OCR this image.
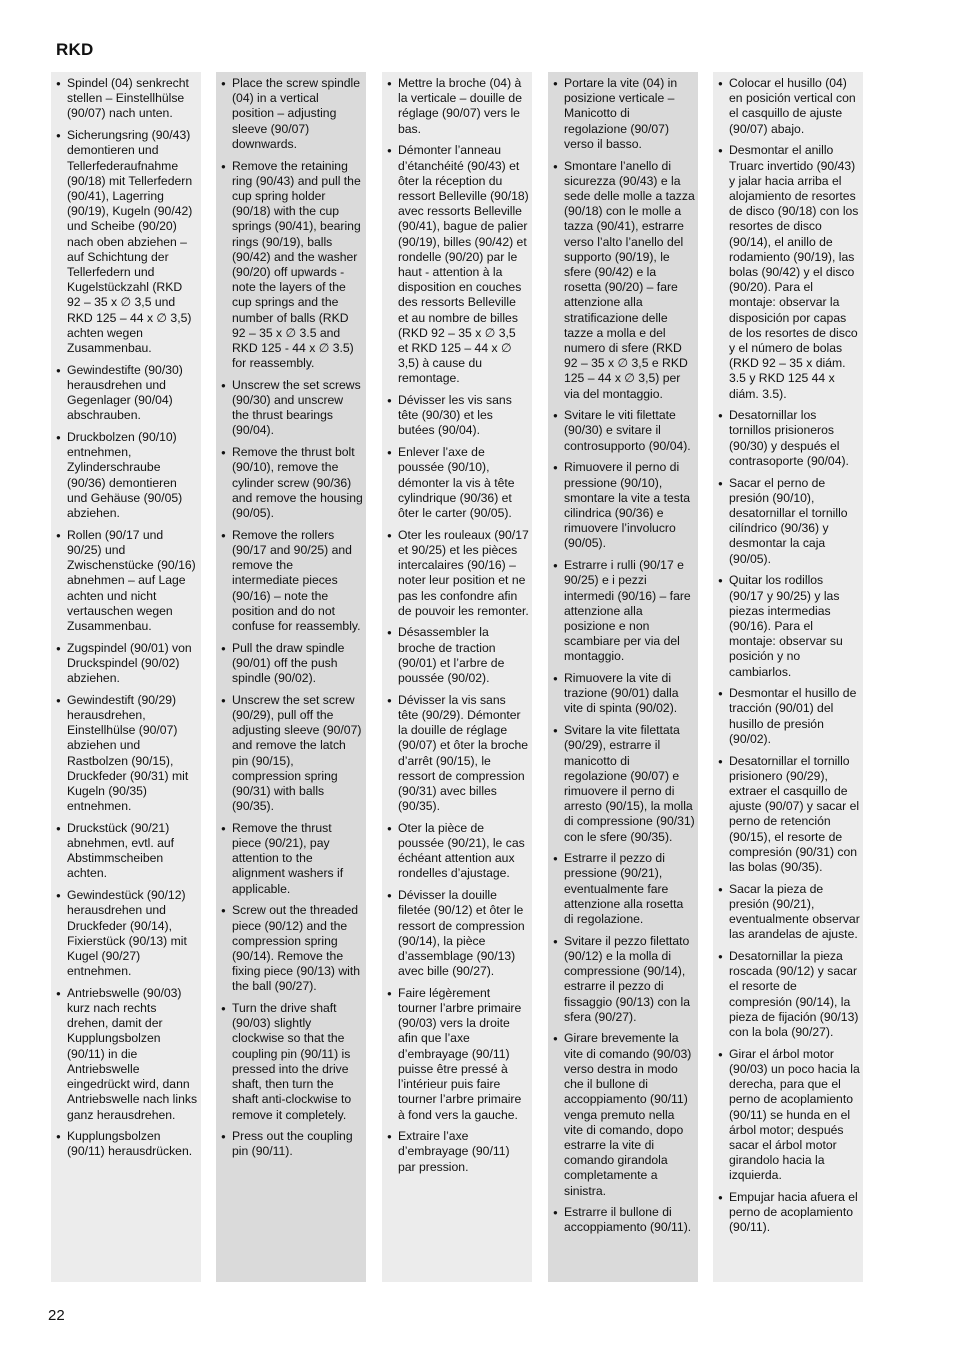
RKD
● Spindel (04) senkrecht stellen – Einstellhülse (90/07) nach unten.
● Sicherungsring (90/43) demontieren und Tellerfederaufnahme (90/18) mit Tellerfedern (90/41), Lagerring (90/19), Kugeln (90/42) und Scheibe (90/20) nach oben abziehen – auf Schichtung der Tellerfedern und Kugelstückzahl (RKD 92 – 35 x ∅ 3,5 und RKD 125 – 44 x ∅ 3,5) achten wegen Zusammenbau.
● Gewindestifte (90/30) herausdrehen und Gegenlager (90/04) abschrauben.
● Druckbolzen (90/10) entnehmen, Zylinderschraube (90/36) demontieren und Gehäuse (90/05) abziehen.
● Rollen (90/17 und 90/25) und Zwischenstücke (90/16) abnehmen – auf Lage achten und nicht vertauschen wegen Zusammenbau.
● Zugspindel (90/01) von Druckspindel (90/02) abziehen.
● Gewindestift (90/29) herausdrehen, Einstellhülse (90/07) abziehen und Rastbolzen (90/15), Druckfeder (90/31) mit Kugeln (90/35) entnehmen.
● Druckstück (90/21) abnehmen, evtl. auf Abstimmscheiben achten.
● Gewindestück (90/12) herausdrehen und Druckfeder (90/14), Fixierstück (90/13) mit Kugel (90/27) entnehmen.
● Antriebswelle (90/03) kurz nach rechts drehen, damit der Kupplungsbolzen (90/11) in die Antriebswelle eingedrückt wird, dann Antriebswelle nach links ganz herausdrehen.
● Kupplungsbolzen (90/11) herausdrücken.
● Place the screw spindle (04) in a vertical position – adjusting sleeve (90/07) downwards.
● Remove the retaining ring (90/43) and pull the cup spring holder (90/18) with the cup springs (90/41), bearing rings (90/19), balls (90/42) and the washer (90/20) off upwards - note the layers of the cup springs and the number of balls (RKD 92 – 35 x ∅ 3.5 and RKD 125 - 44 x ∅ 3.5) for reassembly.
● Unscrew the set screws (90/30) and unscrew the thrust bearings (90/04).
● Remove the thrust bolt (90/10), remove the cylinder screw (90/36) and remove the housing (90/05).
● Remove the rollers (90/17 and 90/25) and remove the intermediate pieces (90/16) – note the position and do not confuse for reassembly.
● Pull the draw spindle (90/01) off the push spindle (90/02).
● Unscrew the set screw (90/29), pull off the adjusting sleeve (90/07) and remove the latch pin (90/15), compression spring (90/31) with balls (90/35).
● Remove the thrust piece (90/21), pay attention to the alignment washers if applicable.
● Screw out the threaded piece (90/12) and the compression spring (90/14). Remove the fixing piece (90/13) with the ball (90/27).
● Turn the drive shaft (90/03) slightly clockwise so that the coupling pin (90/11) is pressed into the drive shaft, then turn the shaft anti-clockwise to remove it completely.
● Press out the coupling pin (90/11).
● Mettre la broche (04) à la verticale – douille de réglage (90/07) vers le bas.
● Démonter l’anneau d’étanchéité (90/43) et ôter la réception du ressort Belleville (90/18) avec ressorts Belleville (90/41), bague de palier (90/19), billes (90/42) et rondelle (90/20) par le haut - attention à la disposition en couches des ressorts Belleville et au nombre de billes (RKD 92 – 35 x ∅ 3,5 et RKD 125 – 44 x ∅ 3,5) à cause du remontage.
● Dévisser les vis sans tête (90/30) et les butées (90/04).
● Enlever l’axe de poussée (90/10), démonter la vis à tête cylindrique (90/36) et ôter le carter (90/05).
● Oter les rouleaux (90/17 et 90/25) et les pièces intercalaires (90/16) – noter leur position et ne pas les confondre afin de pouvoir les remonter.
● Désassembler la broche de traction (90/01) et l’arbre de poussée (90/02).
● Dévisser la vis sans tête (90/29). Démonter la douille de réglage (90/07) et ôter la broche d’arrêt (90/15), le ressort de compression (90/31) avec billes (90/35).
● Oter la pièce de poussée (90/21), le cas échéant attention aux rondelles d’ajustage.
● Dévisser la douille filetée (90/12) et ôter le ressort de compression (90/14), la pièce d’assemblage (90/13) avec bille (90/27).
● Faire légèrement tourner l’arbre primaire (90/03) vers la droite afin que l’axe d’embrayage (90/11) puisse être pressé à l’intérieur puis faire tourner l’arbre primaire à fond vers la gauche.
● Extraire l’axe d’embrayage (90/11) par pression.
● Portare la vite (04) in posizione verticale – Manicotto di regolazione (90/07) verso il basso.
● Smontare l’anello di sicurezza (90/43) e la sede delle molle a tazza (90/18) con le molle a tazza (90/41), estrarre verso l’alto l’anello del supporto (90/19), le sfere (90/42) e la rosetta (90/20) – fare attenzione alla stratificazione delle tazze a molla e del numero di sfere (RKD 92 – 35 x ∅ 3,5 e RKD 125 – 44 x ∅ 3,5) per via del montaggio.
● Svitare le viti filettate (90/30) e svitare il controsupporto (90/04).
● Rimuovere il perno di pressione (90/10), smontare la vite a testa cilindrica (90/36) e rimuovere l’involucro (90/05).
● Estrarre i rulli (90/17 e 90/25) e i pezzi intermedi (90/16) – fare attenzione alla posizione e non scambiare per via del montaggio.
● Rimuovere la vite di trazione (90/01) dalla vite di spinta (90/02).
● Svitare la vite filettata (90/29), estrarre il manicotto di regolazione (90/07) e rimuovere il perno di arresto (90/15), la molla di compressione (90/31) con le sfere (90/35).
● Estrarre il pezzo di pressione (90/21), eventualmente fare attenzione alla rosetta di regolazione.
● Svitare il pezzo filettato (90/12) e la molla di compressione (90/14), estrarre il pezzo di fissaggio (90/13) con la sfera (90/27).
● Girare brevemente la vite di comando (90/03) verso destra in modo che il bullone di accoppiamento (90/11) venga premuto nella vite di comando, dopo estrarre la vite di comando girandola completamente a sinistra.
● Estrarre il bullone di accoppiamento (90/11).
● Colocar el husillo (04) en posición vertical con el casquillo de ajuste (90/07) abajo.
● Desmontar el anillo Truarc invertido (90/43) y jalar hacia arriba el alojamiento de resortes de disco (90/18) con los resortes de disco (90/14), el anillo de rodamiento (90/19), las bolas (90/42) y el disco (90/20). Para el montaje: observar la disposición por capas de los resortes de disco y el número de bolas (RKD 92 – 35 x diám. 3.5 y RKD 125 44 x diám. 3.5).
● Desatornillar los tornillos prisioneros (90/30) y después el contrasoporte (90/04).
● Sacar el perno de presión (90/10), desatornillar el tornillo cilíndrico (90/36) y desmontar la caja (90/05).
● Quitar los rodillos (90/17 y 90/25) y las piezas intermedias (90/16). Para el montaje: observar su posición y no cambiarlos.
● Desmontar el husillo de tracción (90/01) del husillo de presión (90/02).
● Desatornillar el tornillo prisionero (90/29), extraer el casquillo de ajuste (90/07) y sacar el perno de retención (90/15), el resorte de compresión (90/31) con las bolas (90/35).
● Sacar la pieza de presión (90/21), eventualmente observar las arandelas de ajuste.
● Desatornillar la pieza roscada (90/12) y sacar el resorte de compresión (90/14), la pieza de fijación (90/13) con la bola (90/27).
● Girar el árbol motor (90/03) un poco hacia la derecha, para que el perno de acoplamiento (90/11) se hunda en el árbol motor; después sacar el árbol motor girandolo hacia la izquierda.
● Empujar hacia afuera el perno de acoplamiento (90/11).
22
